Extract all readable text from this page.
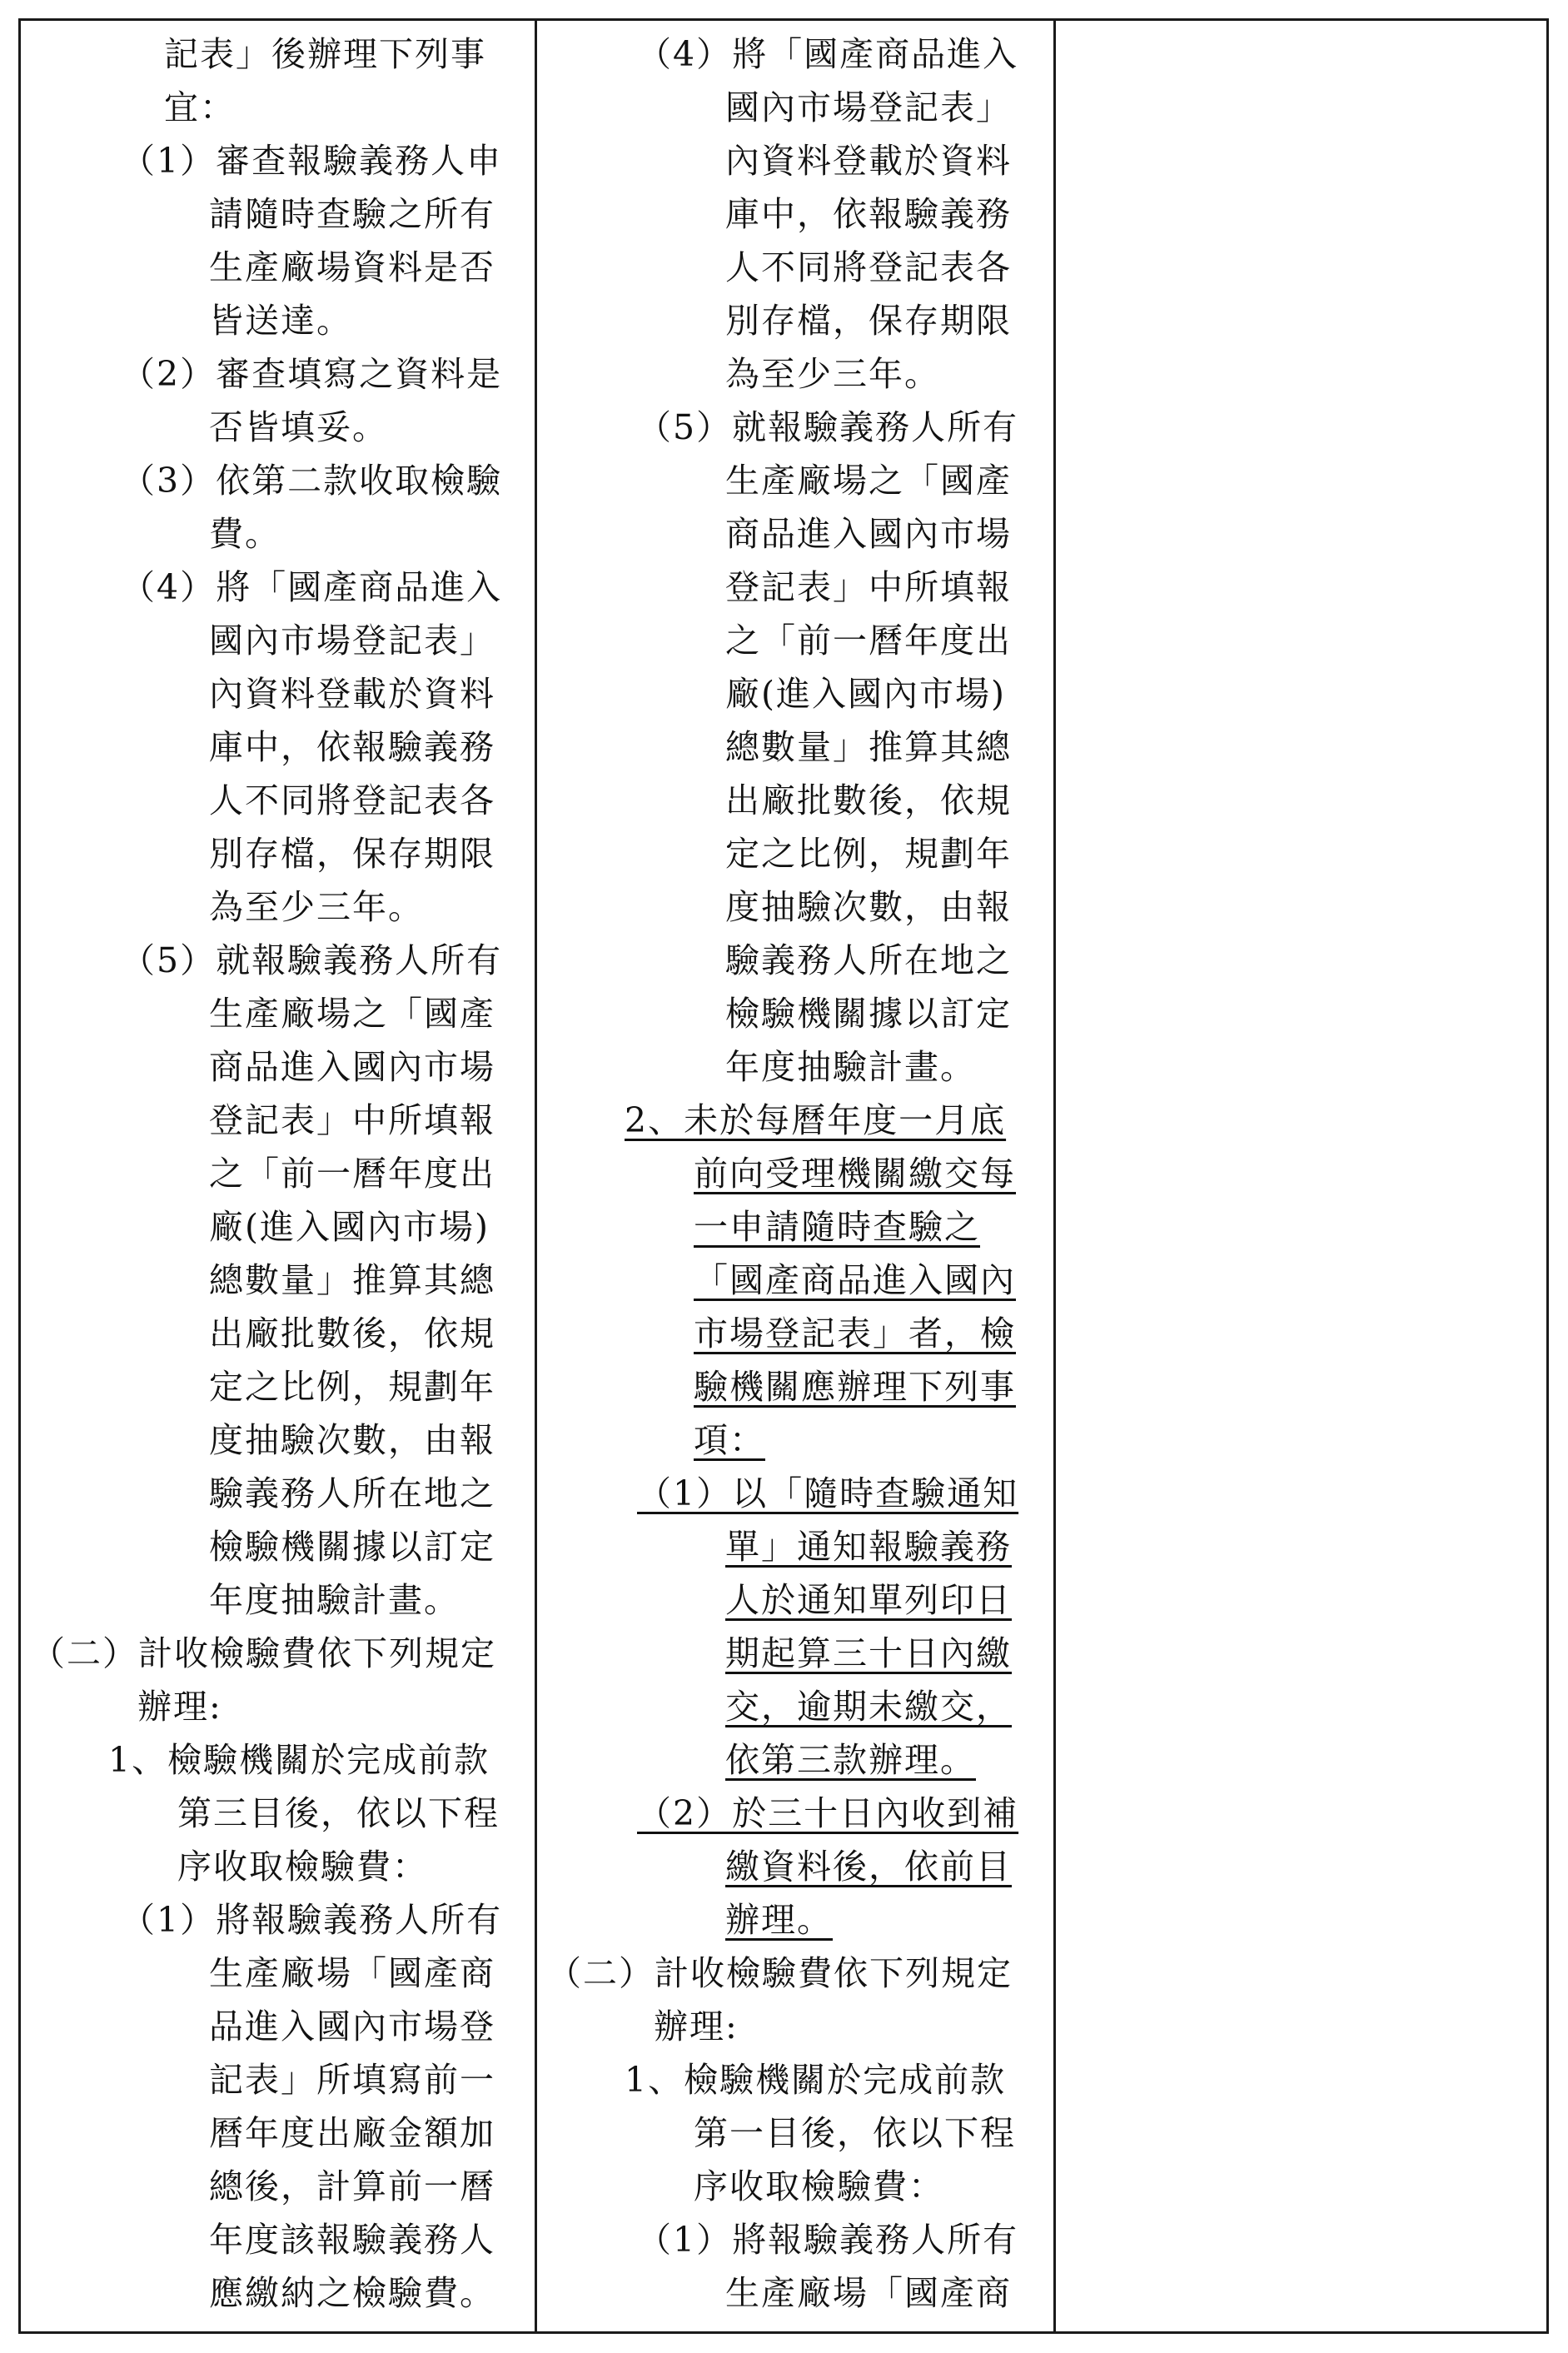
記表」後辦理下列事
宜：
（1）審查報驗義務人申
請隨時查驗之所有
生產廠場資料是否
皆送達。
（2）審查填寫之資料是
否皆填妥。
（3）依第二款收取檢驗
費。
（4）將「國產商品進入
國內市場登記表」
內資料登載於資料
庫中，依報驗義務
人不同將登記表各
別存檔，保存期限
為至少三年。
（5）就報驗義務人所有
生產廠場之「國產
商品進入國內市場
登記表」中所填報
之「前一曆年度出
廠(進入國內市場)
總數量」推算其總
出廠批數後，依規
定之比例，規劃年
度抽驗次數，由報
驗義務人所在地之
檢驗機關據以訂定
年度抽驗計畫。
（二）計收檢驗費依下列規定
辦理:
1、檢驗機關於完成前款
第三目後，依以下程
序收取檢驗費：
（1）將報驗義務人所有
生產廠場「國產商
品進入國內市場登
記表」所填寫前一
曆年度出廠金額加
總後，計算前一曆
年度該報驗義務人
應繳納之檢驗費。
（4）將「國產商品進入
國內市場登記表」
內資料登載於資料
庫中，依報驗義務
人不同將登記表各
別存檔，保存期限
為至少三年。
（5）就報驗義務人所有
生產廠場之「國產
商品進入國內市場
登記表」中所填報
之「前一曆年度出
廠(進入國內市場)
總數量」推算其總
出廠批數後，依規
定之比例，規劃年
度抽驗次數，由報
驗義務人所在地之
檢驗機關據以訂定
年度抽驗計畫。
2、未於每曆年度一月底
前向受理機關繳交每
一申請隨時查驗之
「國產商品進入國內
市場登記表」者，檢
驗機關應辦理下列事
項：
（1）以「隨時查驗通知
單」通知報驗義務
人於通知單列印日
期起算三十日內繳
交，逾期未繳交，
依第三款辦理。
（2）於三十日內收到補
繳資料後，依前目
辦理。
（二）計收檢驗費依下列規定
辦理:
1、檢驗機關於完成前款
第一目後，依以下程
序收取檢驗費：
（1）將報驗義務人所有
生產廠場「國產商
